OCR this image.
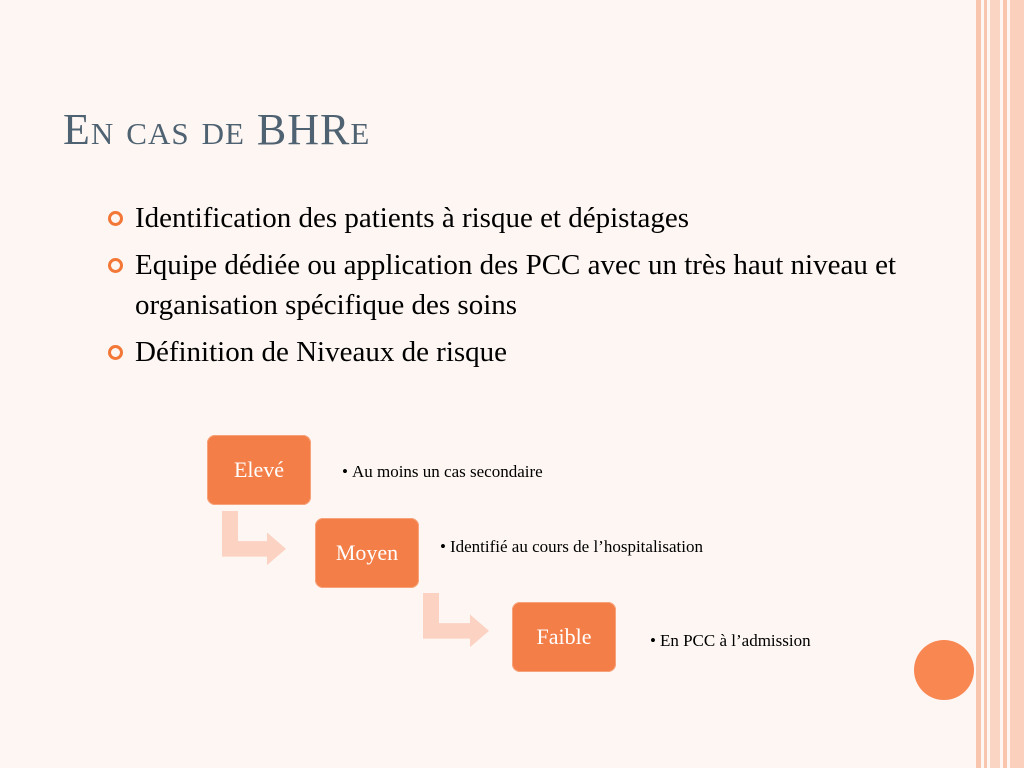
En cas de BHRe
Identification des patients à risque et dépistages
Equipe dédiée ou application des PCC avec un très haut niveau et organisation spécifique des soins
Définition de Niveaux de risque
Elevé
Moyen
Faible
• Au moins un cas secondaire
• Identifié au cours de l’hospitalisation
• En PCC à l’admission
